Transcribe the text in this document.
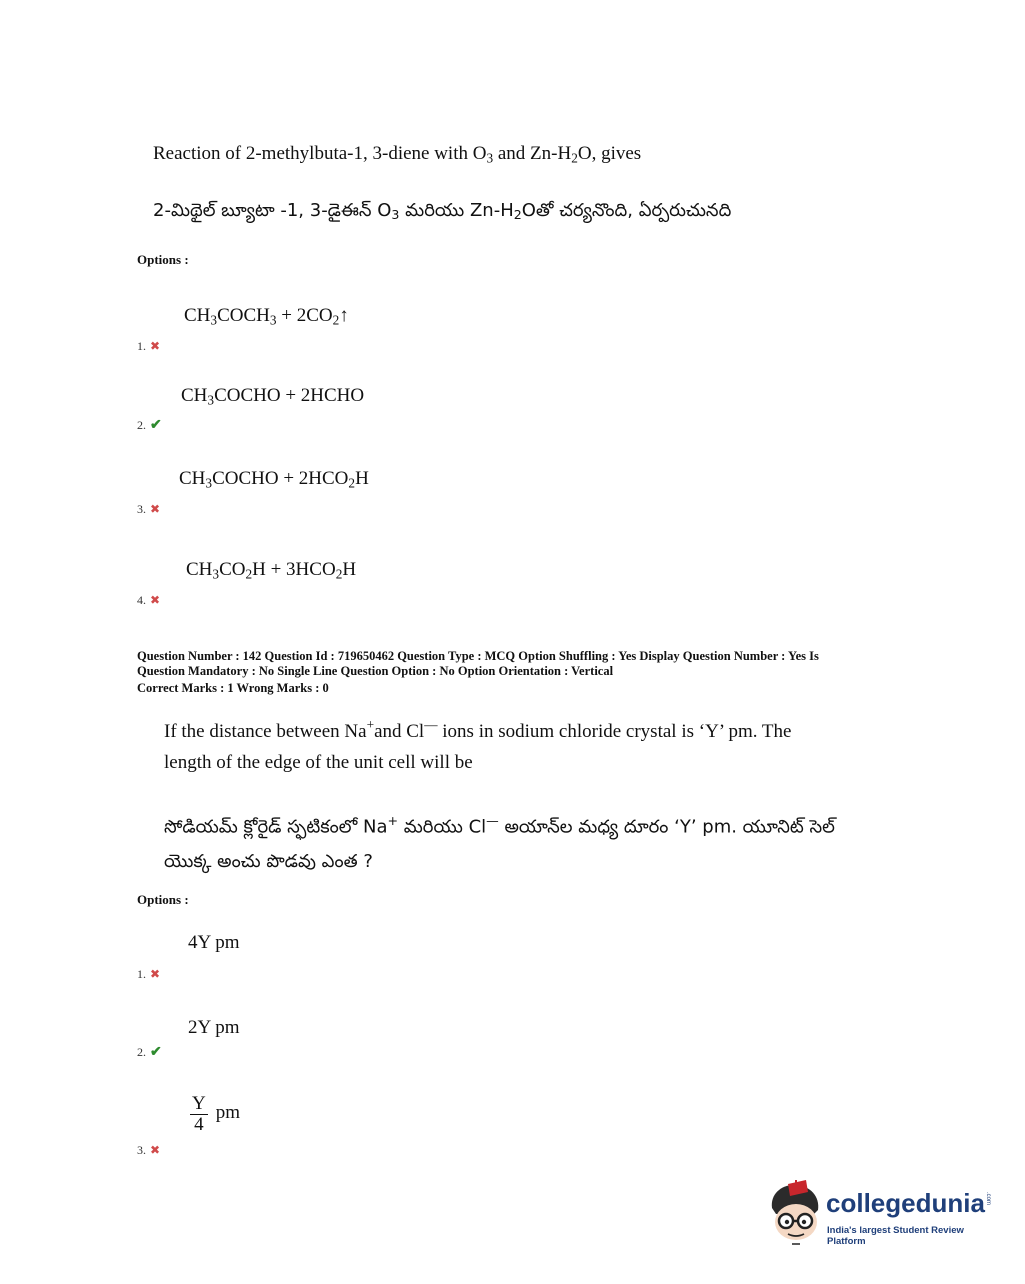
Reaction of 2-methylbuta-1, 3-diene with $O_3$ and $Zn-H_2O$, gives
2-మిథైల్ బ్యూటా -1, 3-డైఈన్ $O_3$ మరియు $Zn-H_2Oతో$ చర్యనొంది, ఏర్పరుచునది
Options :
$CH_3COCH_3$ + $2CO_2↑$
1. ✖
$CH_3COCHO$ + 2HCHO
2. ✔
$CH_3COCHO + 2HCO_2H$
3. ✖
$CH_3CO_2H + 3HCO_2H$
4. ✖
Question Number : 142 Question Id : 719650462 Question Type : MCQ Option Shuffling : Yes Display Question Number : Yes Is
Question Mandatory : No Single Line Question Option : No Option Orientation : Vertical
Correct Marks : 1 Wrong Marks : 0
If the distance between Na+and Cl— ions in sodium chloride crystal is ‘Y’ pm. The
length of the edge of the unit cell will be
సోడియమ్ క్లోరైడ్ స్ఫటికంలో Na+ మరియు Cl— అయాన్‌ల మధ్య దూరం ‘Y’ pm. యూనిట్ సెల్
యొక్క అంచు పొడవు ఎంత ?
Options :
4Y pm
1. ✖
2Y pm
2. ✔
$\frac{Y}{4}$ pm
3. ✖
collegedunia .com
India's largest Student Review Platform
